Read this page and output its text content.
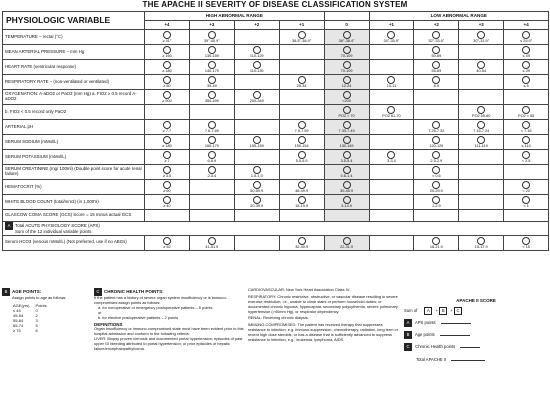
THE APACHE II SEVERITY OF DISEASE CLASSIFICATION SYSTEM
PHYSIOLOGIC VARIABLE	HIGH ABNORMAL RANGE					LOW ABNORMAL RANGE			
	+4	+3	+2	+1	0	+1	+2	+3	+4
TEMPERATURE – rectal (°C)	≥ 41°	39°-40.9°		38.5°-38.9°	36°-38.4°	34°-35.9°	32°-33.9°	30°-31.9°	≤ 29.9°

MEAN ARTERIAL PRESSURE – mm Hg	≥ 160	130-159	110-129		70-109		50-69		≤ 49

HEART RATE (ventricular response)	≥ 180	140-179	110-139		70-109		55-69	40-54	≤ 39

RESPIRATORY RATE – (non-ventilated or ventilated)	≥ 50	35-49		25-34	12-24	10-11	6-9		≤ 5

OXYGENATION: A-aDO2 or PaO2 (mm Hg) a. FIO2 ≥ 0.5 record A-aDO2	≥ 500	350-499	200-349		<200				

b. FIO2 < 0.5 record only PaO2					PO2 > 70	PO2 61-70		PO2 55-60	PO2 < 55

ARTERIAL pH	≥ 7.7	7.6-7.69		7.5-7.59	7.33-7.49		7.25-7.32	7.15-7.24	< 7.15

SERUM SODIUM (mMol/L)	≥ 180	160-179	155-159	150-154	130-149		120-129	111-119	≤ 110

SERUM POTASSIUM (mMol/L)	≥ 7	6-6.9		5.5-5.9	3.5-5.4	3-3.4	2.5-2.9		< 2.5

SERUM CREATININE (mg/ 100ml) (Double point score for acute renal failure)	≥ 3.5	2-3.4	1.5-1.9		0.6-1.4		< 0.6		

HEMATOCRIT (%)	≥ 60		50-59.9	46-49.9	30-45.9		20-29.9		< 20

WHITE BLOOD COUNT (total/mm3) (in 1,000's)	≥ 40		20-39.9	15-19.9	3-14.9		1-2.9		< 1

GLASCOW COMA SCORE (GCS) Score = 15 minus actual GCS									
A Total ACUTE PHYSIOLOGY SCORE (APS)
Sum of the 12 individual variable points									
Serum HCO3 (venous mMol/L) (Not preferred, use if no ABGs)	≥ 52	41-51.9		32-40.9	22-31.9		18-21.9	15-17.9	< 15
B AGE POINTS:
Assign points to age as follows:
AGE(yrs)	Points
≤ 44	0
45-54	2
55-64	3
65-74	5
≥ 75	6
C CHRONIC HEALTH POINTS:
If the patient has a history of severe organ system insufficiency or is immuno-compromised assign points as follows:
a. for nonoperative or emergency postoperative patients – 5 points
or
b. for elective postoperative patients – 2 points
DEFINITIONS
Organ Insufficiency or immuno-compromised state must have been evident prior to this hospital admission and conform to the following criteria:
LIVER: Biopsy proven cirrhosis and documented portal hypertension; episodes of past upper GI bleeding attributed to portal hypertension; or prior episodes of hepatic failure/encephalopathy/coma.
CARDIOVASCULAR: New York Heart Association Class IV.
RESPIRATORY: Chronic restrictive, obstructive, or vascular disease resulting in severe exercise restriction, i.e., unable to climb stairs or perform household duties; or documented chronic hypoxia, hypercapnia, secondary polycythemia, severe pulmonary hypertension (>40mm Hg), or respirator dependency.
RENAL: Receiving chronic dialysis.
IMMUNO-COMPROMISED: The patient has received therapy that suppresses resistance to infection, e.g. immuno-suppression, chemotherapy, radiation, long term or recent high dose steroids, or has a disease that is sufficiently advanced to suppress resistance to infection, e.g., leukemia, lymphoma, AIDS.
APACHE II SCORE
Sum of A + B + C
A APS points
B Age points
C Chronic Health points
Total APACHE II
